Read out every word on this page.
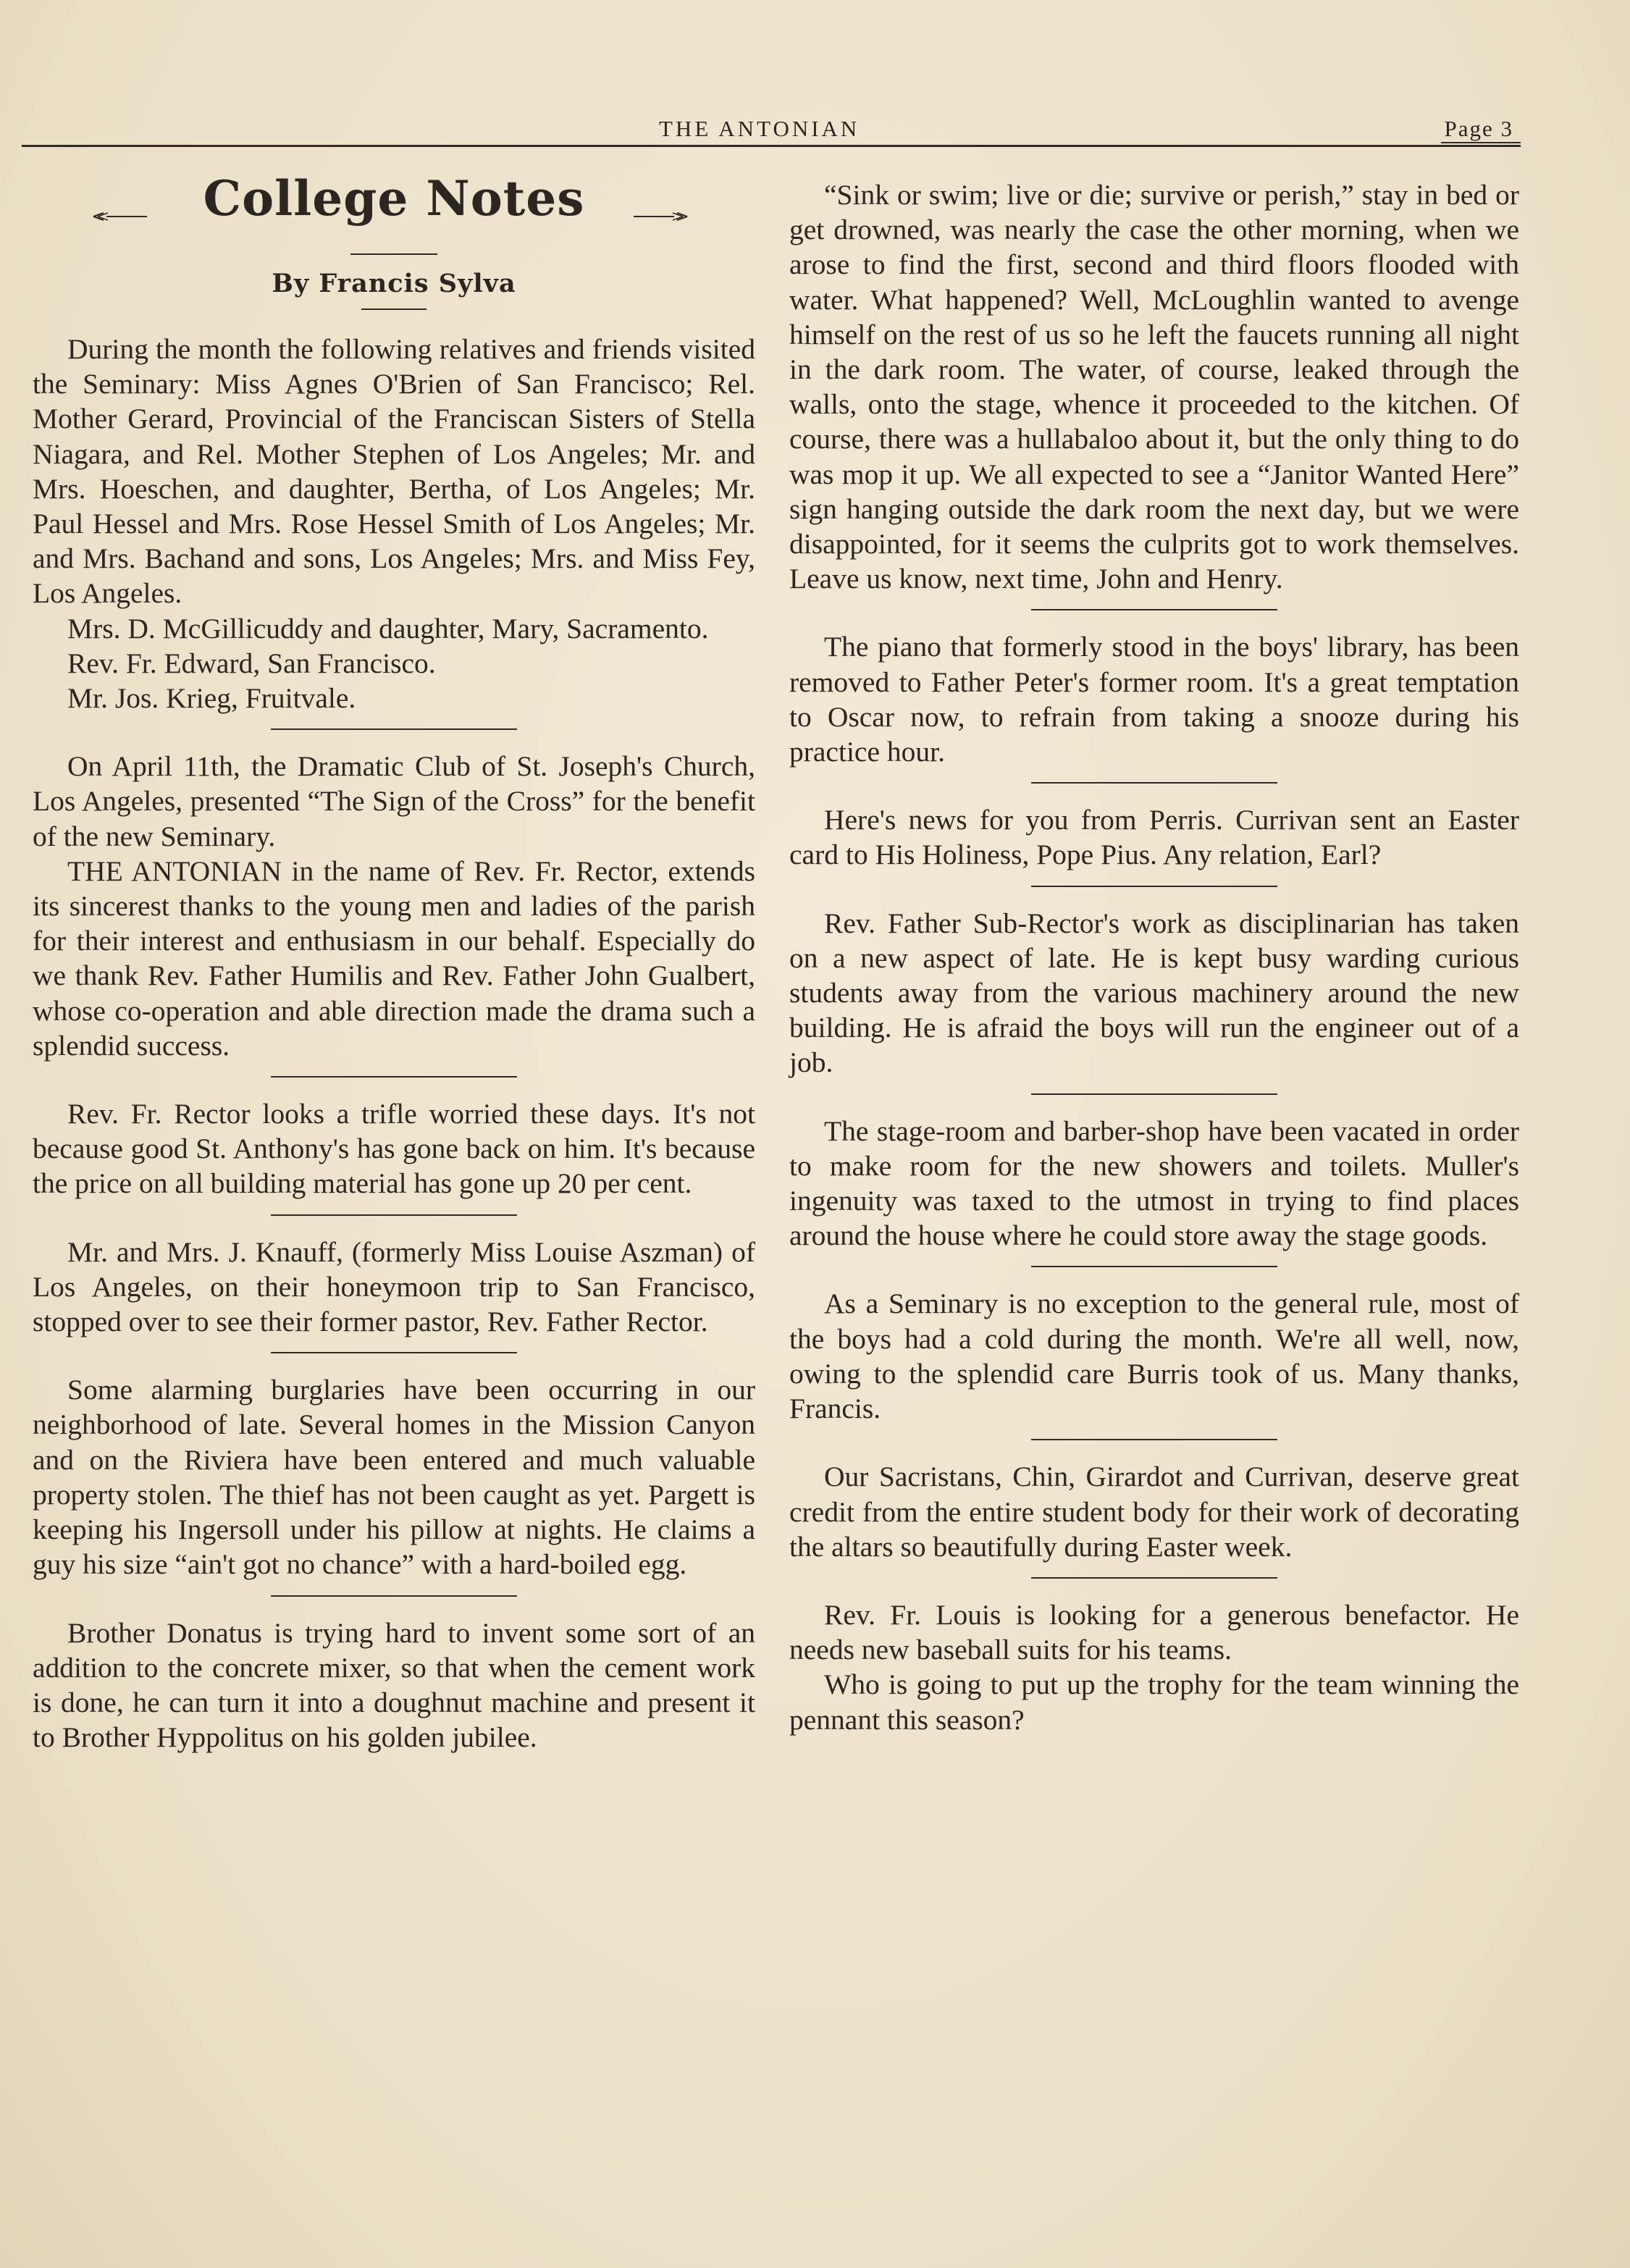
THE ANTONIAN	Page 3
College Notes
By Francis Sylva

During the month the following relatives and friends visited the Seminary: Miss Agnes O'Brien of San Francisco; Rel. Mother Gerard, Provincial of the Franciscan Sisters of Stella Niagara, and Rel. Mother Stephen of Los Angeles; Mr. and Mrs. Hoeschen, and daughter, Bertha, of Los Angeles; Mr. Paul Hessel and Mrs. Rose Hessel Smith of Los Angeles; Mr. and Mrs. Bachand and sons, Los Angeles; Mrs. and Miss Fey, Los Angeles.

Mrs. D. McGillicuddy and daughter, Mary, Sacramento.

Rev. Fr. Edward, San Francisco.

Mr. Jos. Krieg, Fruitvale.

On April 11th, the Dramatic Club of St. Joseph's Church, Los Angeles, presented “The Sign of the Cross” for the benefit of the new Seminary.

THE ANTONIAN in the name of Rev. Fr. Rector, extends its sincerest thanks to the young men and ladies of the parish for their interest and enthusiasm in our behalf. Especially do we thank Rev. Father Humilis and Rev. Father John Gualbert, whose co-operation and able direction made the drama such a splendid success.

Rev. Fr. Rector looks a trifle worried these days. It's not because good St. Anthony's has gone back on him. It's because the price on all building material has gone up 20 per cent.

Mr. and Mrs. J. Knauff, (formerly Miss Louise Aszman) of Los Angeles, on their honeymoon trip to San Francisco, stopped over to see their former pastor, Rev. Father Rector.

Some alarming burglaries have been occurring in our neighborhood of late. Several homes in the Mission Canyon and on the Riviera have been entered and much valuable property stolen. The thief has not been caught as yet. Pargett is keeping his Ingersoll under his pillow at nights. He claims a guy his size “ain't got no chance” with a hard-boiled egg.

Brother Donatus is trying hard to invent some sort of an addition to the concrete mixer, so that when the cement work is done, he can turn it into a doughnut machine and present it to Brother Hyppolitus on his golden jubilee.

“Sink or swim; live or die; survive or perish,” stay in bed or get drowned, was nearly the case the other morning, when we arose to find the first, second and third floors flooded with water. What happened? Well, McLoughlin wanted to avenge himself on the rest of us so he left the faucets running all night in the dark room. The water, of course, leaked through the walls, onto the stage, whence it proceeded to the kitchen. Of course, there was a hullabaloo about it, but the only thing to do was mop it up. We all expected to see a “Janitor Wanted Here” sign hanging outside the dark room the next day, but we were disappointed, for it seems the culprits got to work themselves. Leave us know, next time, John and Henry.

The piano that formerly stood in the boys' library, has been removed to Father Peter's former room. It's a great temptation to Oscar now, to refrain from taking a snooze during his practice hour.

Here's news for you from Perris. Currivan sent an Easter card to His Holiness, Pope Pius. Any relation, Earl?

Rev. Father Sub-Rector's work as disciplinarian has taken on a new aspect of late. He is kept busy warding curious students away from the various machinery around the new building. He is afraid the boys will run the engineer out of a job.

The stage-room and barber-shop have been vacated in order to make room for the new showers and toilets. Muller's ingenuity was taxed to the utmost in trying to find places around the house where he could store away the stage goods.

As a Seminary is no exception to the general rule, most of the boys had a cold during the month. We're all well, now, owing to the splendid care Burris took of us. Many thanks, Francis.

Our Sacristans, Chin, Girardot and Currivan, deserve great credit from the entire student body for their work of decorating the altars so beautifully during Easter week.

Rev. Fr. Louis is looking for a generous benefactor. He needs new baseball suits for his teams.

Who is going to put up the trophy for the team winning the pennant this season?
